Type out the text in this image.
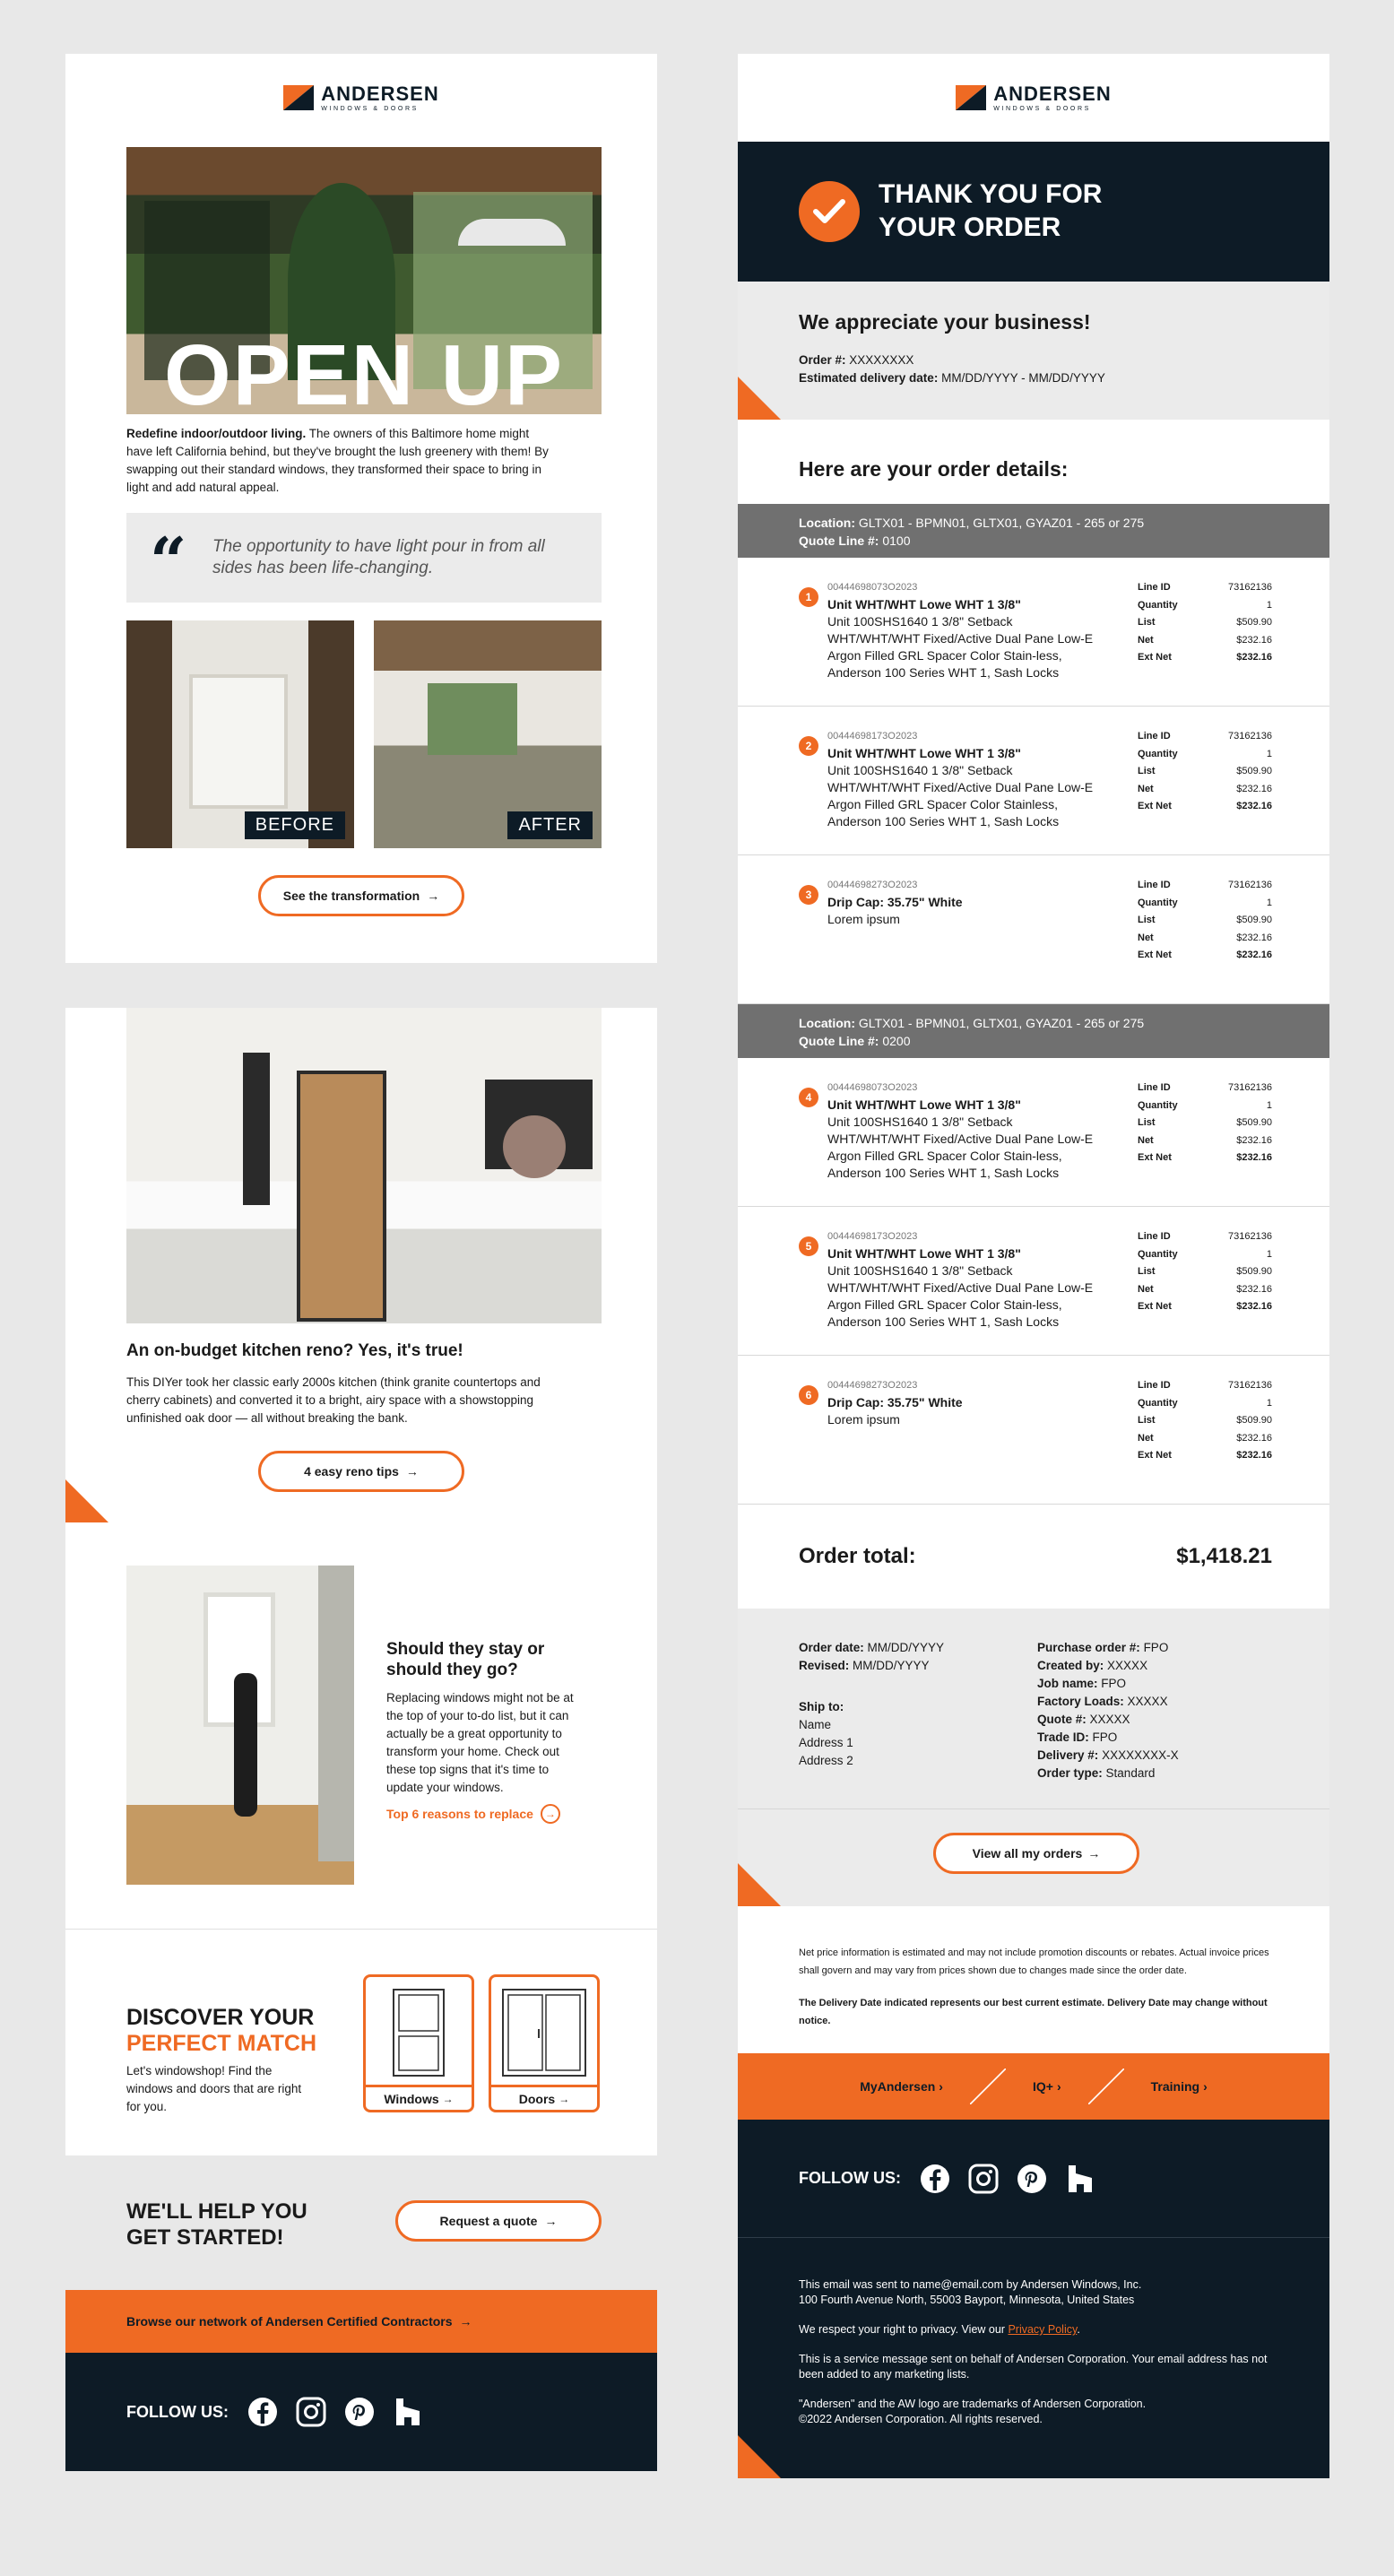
ANDERSEN
WINDOWS & DOORS
OPEN UP

Redefine indoor/outdoor living. The owners of this Baltimore home might have left California behind, but they've brought the lush greenery with them! By swapping out their standard windows, they transformed their space to bring in light and add natural appeal.

“ The opportunity to have light pour in from all sides has been life-changing.

BEFORE	AFTER
See the transformation →
An on-budget kitchen reno? Yes, it's true!

This DIYer took her classic early 2000s kitchen (think granite countertops and cherry cabinets) and converted it to a bright, airy space with a showstopping unfinished oak door — all without breaking the bank.

4 easy reno tips →
Should they stay or should they go?

Replacing windows might not be at the top of your to-do list, but it can actually be a great opportunity to transform your home. Check out these top signs that it's time to update your windows.

Top 6 reasons to replace	→
DISCOVER YOUR
PERFECT MATCH

Let's windowshop! Find the windows and doors that are right for you.

Windows →	Doors →
WE'LL HELP YOU
GET STARTED!
Request a quote →
Browse our network of Andersen Certified Contractors →
FOLLOW US:
ANDERSEN
WINDOWS & DOORS
THANK YOU FOR
YOUR ORDER
We appreciate your business!

Order #: XXXXXXXX

Estimated delivery date: MM/DD/YYYY - MM/DD/YYYY

Here are your order details:
Location: GLTX01 - BPMN01, GLTX01, GYAZ01 - 265 or 275
Quote Line #: 0100
1
00444698073O2023
Unit WHT/WHT Lowe WHT 1 3/8"
Unit 100SHS1640 1 3/8" Setback WHT/WHT/WHT Fixed/Active Dual Pane Low-E Argon Filled GRL Spacer Color Stain-less, Anderson 100 Series WHT 1, Sash Locks
Line ID	73162136
Quantity	1
List	$509.90
Net	$232.16
Ext Net	$232.16
2
00444698173O2023
Unit WHT/WHT Lowe WHT 1 3/8"
Unit 100SHS1640 1 3/8" Setback WHT/WHT/WHT Fixed/Active Dual Pane Low-E Argon Filled GRL Spacer Color Stainless, Anderson 100 Series WHT 1, Sash Locks
Line ID	73162136
Quantity	1
List	$509.90
Net	$232.16
Ext Net	$232.16
3
00444698273O2023
Drip Cap: 35.75" White
Lorem ipsum
Line ID	73162136
Quantity	1
List	$509.90
Net	$232.16
Ext Net	$232.16
Location: GLTX01 - BPMN01, GLTX01, GYAZ01 - 265 or 275
Quote Line #: 0200
4
00444698073O2023
Unit WHT/WHT Lowe WHT 1 3/8"
Unit 100SHS1640 1 3/8" Setback WHT/WHT/WHT Fixed/Active Dual Pane Low-E Argon Filled GRL Spacer Color Stain-less, Anderson 100 Series WHT 1, Sash Locks
Line ID	73162136
Quantity	1
List	$509.90
Net	$232.16
Ext Net	$232.16
5
00444698173O2023
Unit WHT/WHT Lowe WHT 1 3/8"
Unit 100SHS1640 1 3/8" Setback WHT/WHT/WHT Fixed/Active Dual Pane Low-E Argon Filled GRL Spacer Color Stain-less, Anderson 100 Series WHT 1, Sash Locks
Line ID	73162136
Quantity	1
List	$509.90
Net	$232.16
Ext Net	$232.16
6
00444698273O2023
Drip Cap: 35.75" White
Lorem ipsum
Line ID	73162136
Quantity	1
List	$509.90
Net	$232.16
Ext Net	$232.16
Order total:	$1,418.21
Order date: MM/DD/YYYY
Revised: MM/DD/YYYY
Ship to:
Name
Address 1
Address 2
Purchase order #: FPO
Created by: XXXXX
Job name: FPO
Factory Loads: XXXXX
Quote #: XXXXX
Trade ID: FPO
Delivery #: XXXXXXXX-X
Order type: Standard
View all my orders →

Net price information is estimated and may not include promotion discounts or rebates. Actual invoice prices shall govern and may vary from prices shown due to changes made since the order date.

The Delivery Date indicated represents our best current estimate. Delivery Date may change without notice.

MyAndersen ›	IQ+ ›	Training ›
FOLLOW US:

This email was sent to name@email.com by Andersen Windows, Inc.

100 Fourth Avenue North, 55003 Bayport, Minnesota, United States

We respect your right to privacy. View our Privacy Policy.

This is a service message sent on behalf of Andersen Corporation. Your email address has not been added to any marketing lists.

"Andersen" and the AW logo are trademarks of Andersen Corporation.

©2022 Andersen Corporation. All rights reserved.
